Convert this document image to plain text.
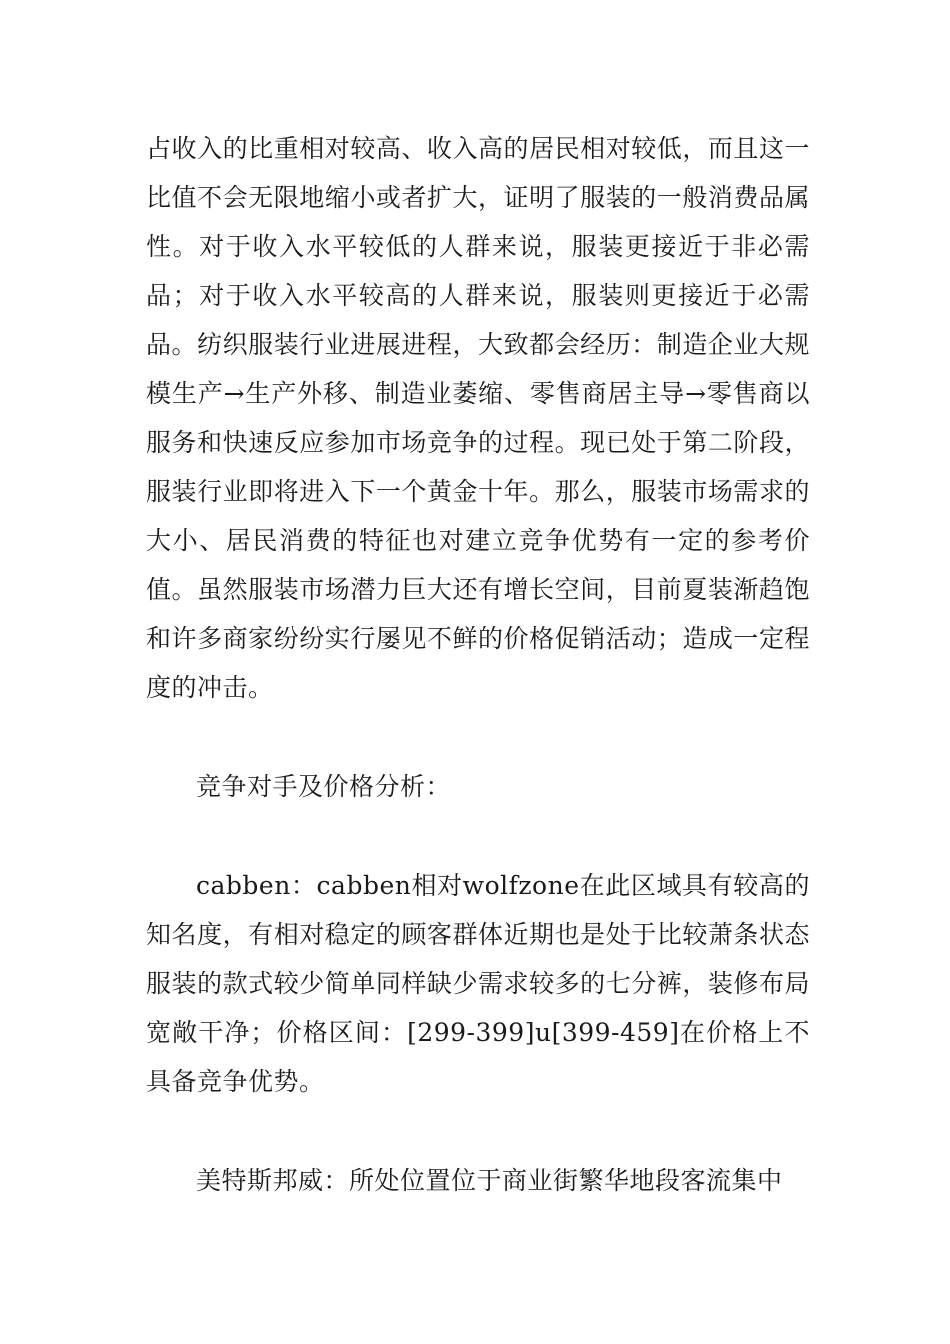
占收入的比重相对较高、收入高的居民相对较低，而且这一比值不会无限地缩小或者扩大，证明了服装的一般消费品属性。对于收入水平较低的人群来说，服装更接近于非必需品；对于收入水平较高的人群来说，服装则更接近于必需品。纺织服装行业进展进程，大致都会经历：制造企业大规模生产→生产外移、制造业萎缩、零售商居主导→零售商以服务和快速反应参加市场竞争的过程。现已处于第二阶段，服装行业即将进入下一个黄金十年。那么，服装市场需求的大小、居民消费的特征也对建立竞争优势有一定的参考价值。虽然服装市场潜力巨大还有增长空间，目前夏装渐趋饱和许多商家纷纷实行屡见不鲜的价格促销活动；造成一定程度的冲击。

竞争对手及价格分析：

cabben：cabben相对wolfzone在此区域具有较高的知名度，有相对稳定的顾客群体近期也是处于比较萧条状态服装的款式较少简单同样缺少需求较多的七分裤，装修布局宽敞干净；价格区间：[299-399]u[399-459]在价格上不具备竞争优势。

美特斯邦威：所处位置位于商业街繁华地段客流集中
